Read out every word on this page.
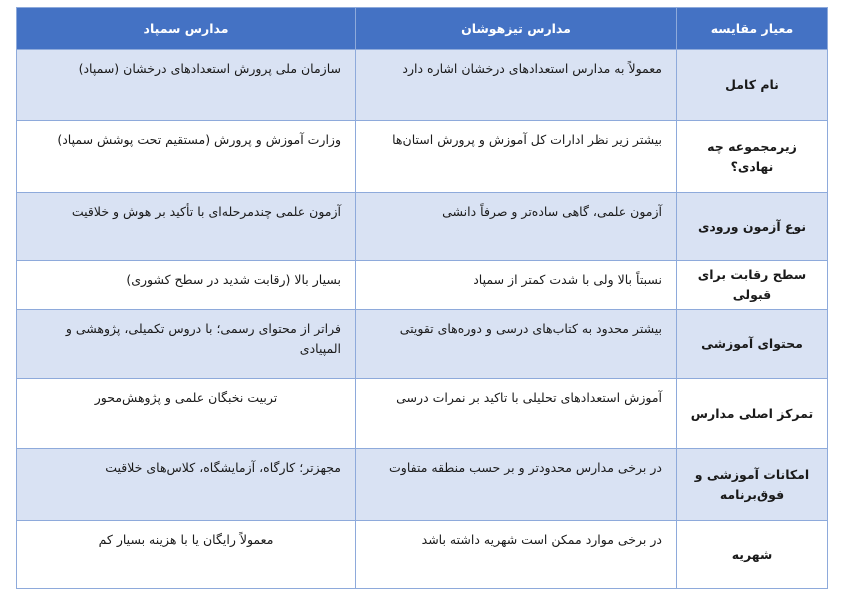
معیار مقایسه	مدارس تیزهوشان	مدارس سمپاد
نام کامل	معمولاً به مدارس استعدادهای درخشان اشاره دارد	سازمان ملی پرورش استعدادهای درخشان (سمپاد)
زیرمجموعه چه نهادی؟	بیشتر زیر نظر ادارات کل آموزش و پرورش استان‌ها	وزارت آموزش و پرورش (مستقیم تحت پوشش سمپاد)
نوع آزمون ورودی	آزمون علمی، گاهی ساده‌تر و صرفاً دانشی	آزمون علمی چندمرحله‌ای با تأکید بر هوش و خلاقیت
سطح رقابت برای قبولی	نسبتاً بالا ولی با شدت کمتر از سمپاد	بسیار بالا (رقابت شدید در سطح کشوری)
محتوای آموزشی	بیشتر محدود به کتاب‌های درسی و دوره‌های تقویتی	فراتر از محتوای رسمی؛ با دروس تکمیلی، پژوهشی و المپیادی
تمرکز اصلی مدارس	آموزش استعدادهای تحلیلی با تاکید بر نمرات درسی	تربیت نخبگان علمی و پژوهش‌محور
امکانات آموزشی و فوق‌برنامه	در برخی مدارس محدودتر و بر حسب منطقه متفاوت	مجهزتر؛ کارگاه، آزمایشگاه، کلاس‌های خلاقیت
شهریه	در برخی موارد ممکن است شهریه داشته باشد	معمولاً رایگان یا با هزینه بسیار کم
